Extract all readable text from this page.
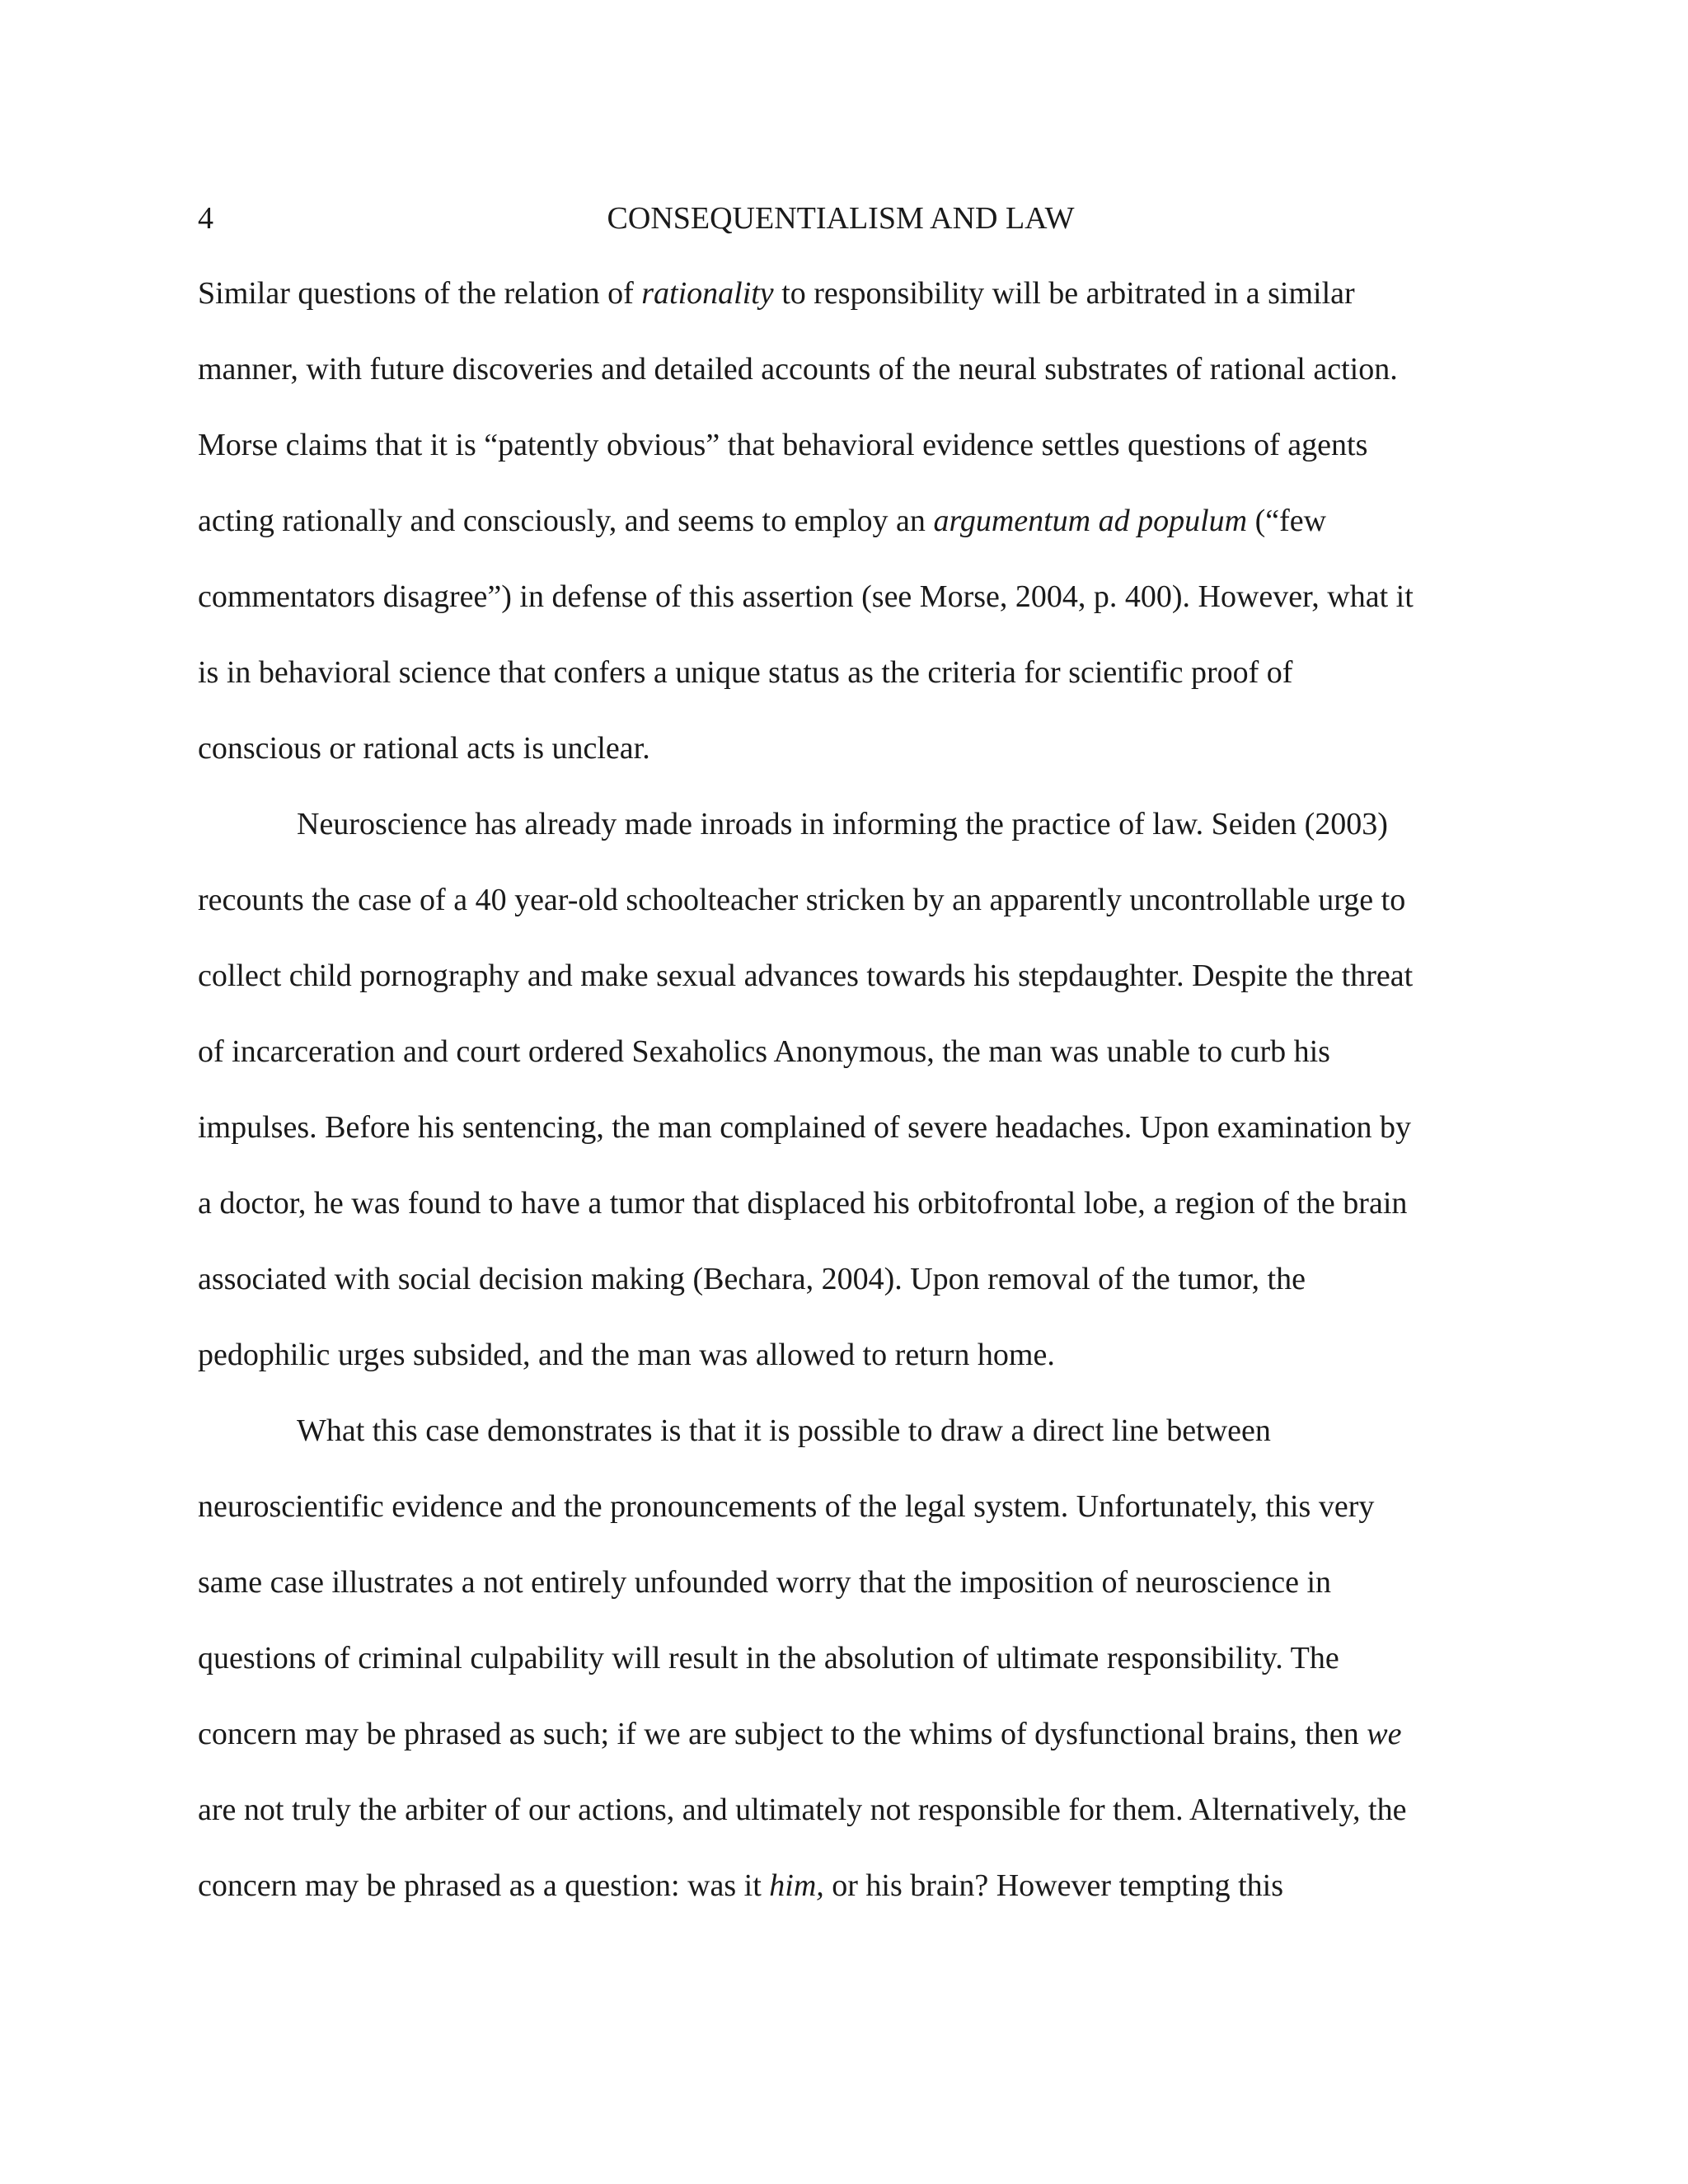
4	CONSEQUENTIALISM AND LAW
Similar questions of the relation of rationality to responsibility will be arbitrated in a similar
manner, with future discoveries and detailed accounts of the neural substrates of rational action.
Morse claims that it is “patently obvious” that behavioral evidence settles questions of agents
acting rationally and consciously, and seems to employ an argumentum ad populum (“few
commentators disagree”) in defense of this assertion (see Morse, 2004, p. 400). However, what it
is in behavioral science that confers a unique status as the criteria for scientific proof of
conscious or rational acts is unclear.
Neuroscience has already made inroads in informing the practice of law. Seiden (2003)
recounts the case of a 40 year-old schoolteacher stricken by an apparently uncontrollable urge to
collect child pornography and make sexual advances towards his stepdaughter. Despite the threat
of incarceration and court ordered Sexaholics Anonymous, the man was unable to curb his
impulses. Before his sentencing, the man complained of severe headaches. Upon examination by
a doctor, he was found to have a tumor that displaced his orbitofrontal lobe, a region of the brain
associated with social decision making (Bechara, 2004). Upon removal of the tumor, the
pedophilic urges subsided, and the man was allowed to return home.
What this case demonstrates is that it is possible to draw a direct line between
neuroscientific evidence and the pronouncements of the legal system. Unfortunately, this very
same case illustrates a not entirely unfounded worry that the imposition of neuroscience in
questions of criminal culpability will result in the absolution of ultimate responsibility. The
concern may be phrased as such; if we are subject to the whims of dysfunctional brains, then we
are not truly the arbiter of our actions, and ultimately not responsible for them. Alternatively, the
concern may be phrased as a question: was it him, or his brain? However tempting this
